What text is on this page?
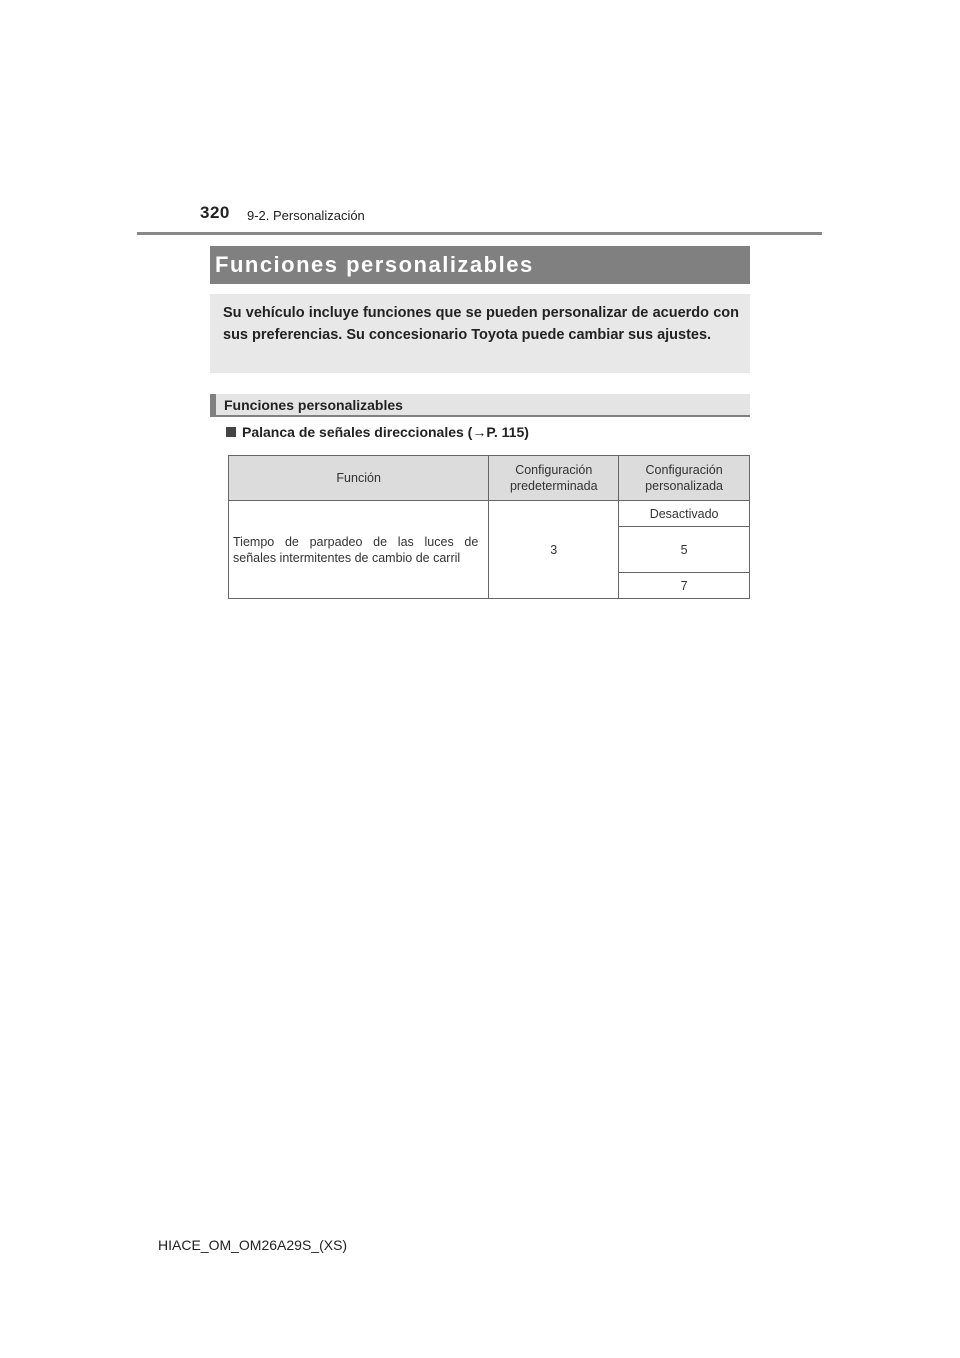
320 9-2. Personalización
Funciones personalizables

Su vehículo incluye funciones que se pueden personalizar de acuerdo con sus preferencias. Su concesionario Toyota puede cambiar sus ajustes.

Funciones personalizables
Palanca de señales direccionales (→P. 115)
Función	Configuración predeterminada	Configuración personalizada
Tiempo de parpadeo de las luces de señales intermitentes de cambio de carril	3	Desactivado
		5
		7
HIACE_OM_OM26A29S_(XS)
